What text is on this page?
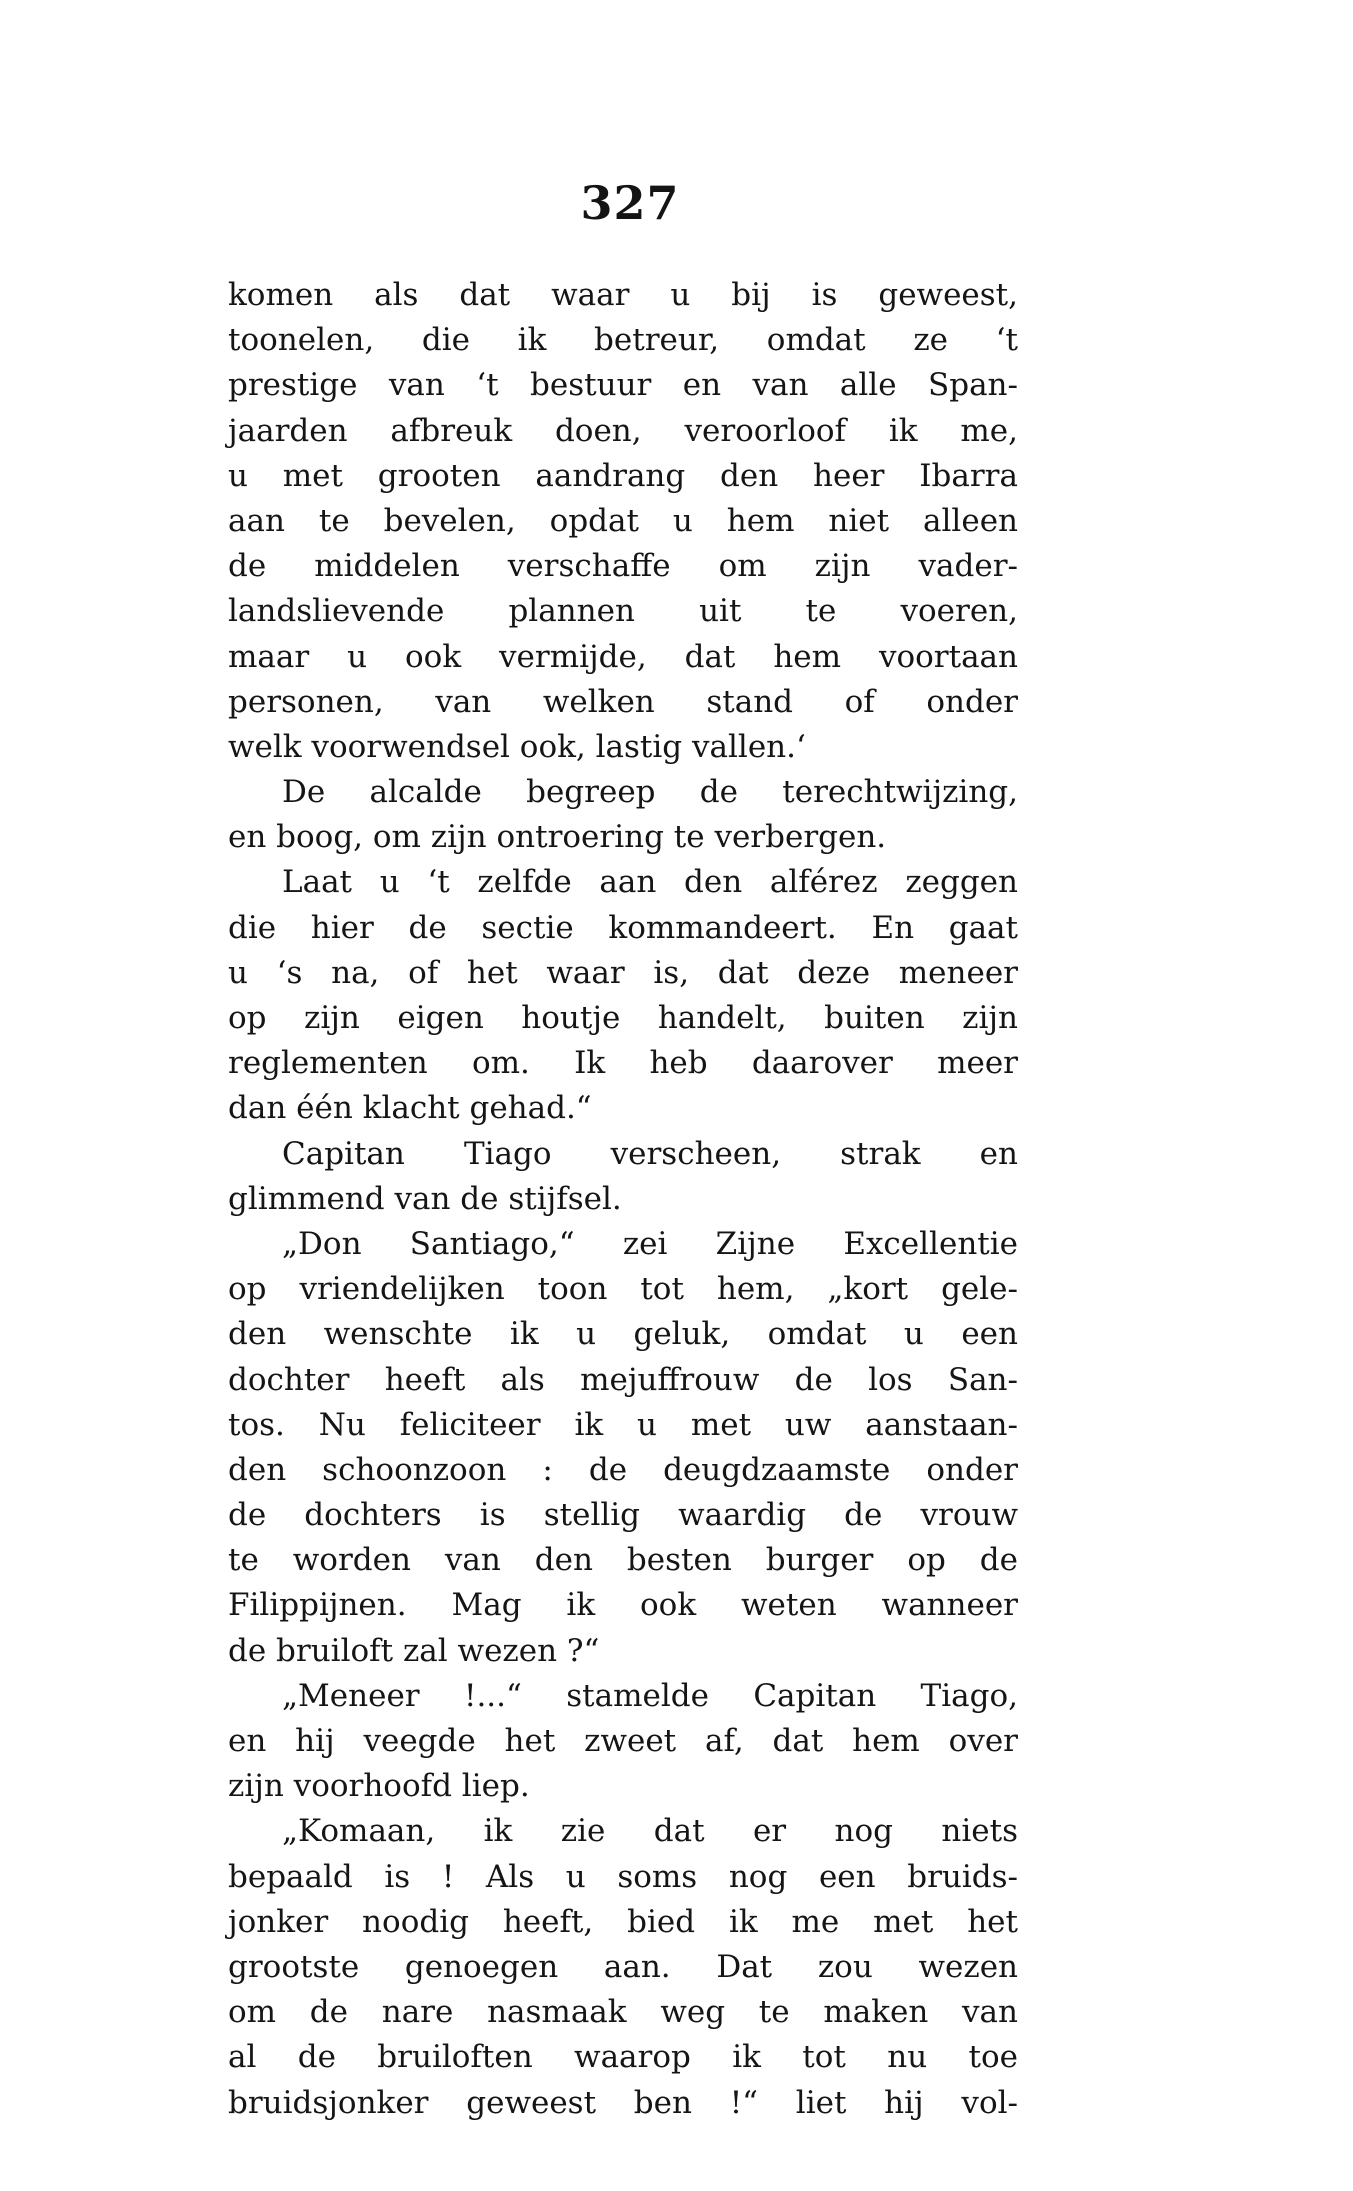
327
komen als dat waar u bij is geweest,
toonelen, die ik betreur, omdat ze ‘t
prestige van ‘t bestuur en van alle Span-
jaarden afbreuk doen, veroorloof ik me,
u met grooten aandrang den heer Ibarra
aan te bevelen, opdat u hem niet alleen
de middelen verschaffe om zijn vader-
landslievende plannen uit te voeren,
maar u ook vermijde, dat hem voortaan
personen, van welken stand of onder
welk voorwendsel ook, lastig vallen.‘
De alcalde begreep de terechtwijzing,
en boog, om zijn ontroering te verbergen.
Laat u ‘t zelfde aan den alférez zeggen
die hier de sectie kommandeert. En gaat
u ‘s na, of het waar is, dat deze meneer
op zijn eigen houtje handelt, buiten zijn
reglementen om. Ik heb daarover meer
dan één klacht gehad.“
Capitan Tiago verscheen, strak en
glimmend van de stijfsel.
„Don Santiago,“ zei Zijne Excellentie
op vriendelijken toon tot hem, „kort gele-
den wenschte ik u geluk, omdat u een
dochter heeft als mejuffrouw de los San-
tos. Nu feliciteer ik u met uw aanstaan-
den schoonzoon : de deugdzaamste onder
de dochters is stellig waardig de vrouw
te worden van den besten burger op de
Filippijnen. Mag ik ook weten wanneer
de bruiloft zal wezen ?“
„Meneer !...“ stamelde Capitan Tiago,
en hij veegde het zweet af, dat hem over
zijn voorhoofd liep.
„Komaan, ik zie dat er nog niets
bepaald is ! Als u soms nog een bruids-
jonker noodig heeft, bied ik me met het
grootste genoegen aan. Dat zou wezen
om de nare nasmaak weg te maken van
al de bruiloften waarop ik tot nu toe
bruidsjonker geweest ben !“ liet hij vol-
